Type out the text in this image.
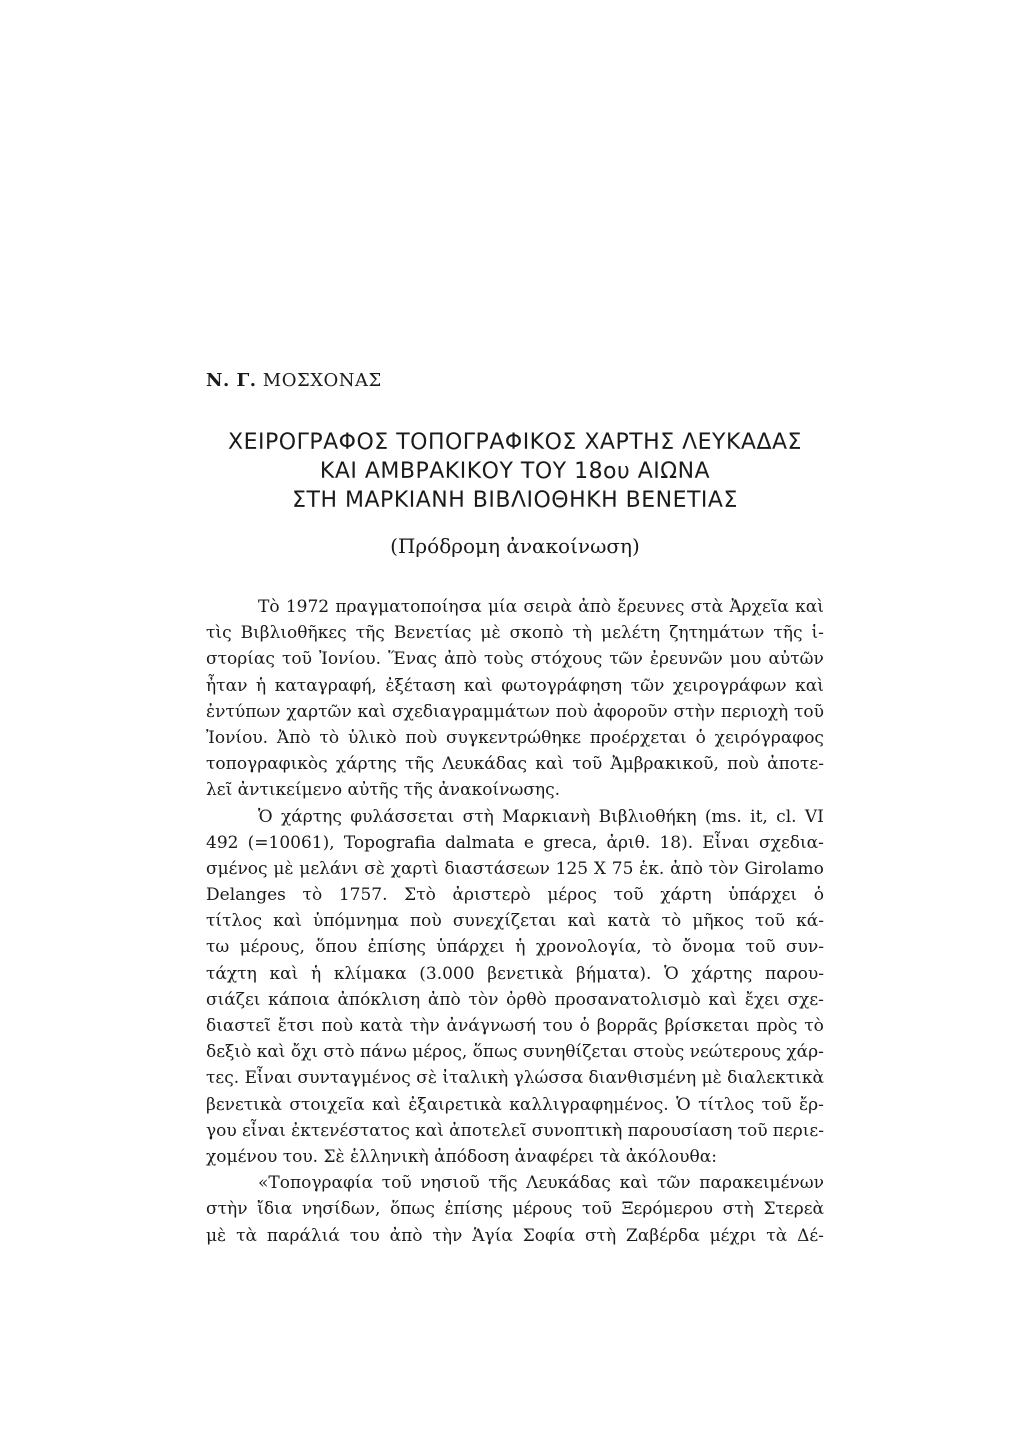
Ν. Γ. ΜΟΣΧΟΝΑΣ
ΧΕΙΡΟΓΡΑΦΟΣ ΤΟΠΟΓΡΑΦΙΚΟΣ ΧΑΡΤΗΣ ΛΕΥΚΑΔΑΣ
ΚΑΙ ΑΜΒΡΑΚΙΚΟΥ ΤΟΥ 18ου ΑΙΩΝΑ
ΣΤΗ ΜΑΡΚΙΑΝΗ ΒΙΒΛΙΟΘΗΚΗ ΒΕΝΕΤΙΑΣ
(Πρόδρομη ἀνακοίνωση)
Τὸ 1972 πραγματοποίησα μία σειρὰ ἀπὸ ἔρευνες στὰ Ἀρχεῖα καὶ
τὶς Βιβλιοθῆκες τῆς Βενετίας μὲ σκοπὸ τὴ μελέτη ζητημάτων τῆς ἱ-
στορίας τοῦ Ἰονίου. Ἕνας ἀπὸ τοὺς στόχους τῶν ἐρευνῶν μου αὐτῶν
ἦταν ἡ καταγραφή, ἐξέταση καὶ φωτογράφηση τῶν χειρογράφων καὶ
ἐντύπων χαρτῶν καὶ σχεδιαγραμμάτων ποὺ ἀφοροῦν στὴν περιοχὴ τοῦ
Ἰονίου. Ἀπὸ τὸ ὑλικὸ ποὺ συγκεντρώθηκε προέρχεται ὁ χειρόγραφος
τοπογραφικὸς χάρτης τῆς Λευκάδας καὶ τοῦ Ἀμβρακικοῦ, ποὺ ἀποτε-
λεῖ ἀντικείμενο αὐτῆς τῆς ἀνακοίνωσης.
Ὁ χάρτης φυλάσσεται στὴ Μαρκιανὴ Βιβλιοθήκη (ms. it, cl. VI
492 (=10061), Topografia dalmata e greca, ἀριθ. 18). Εἶναι σχεδια-
σμένος μὲ μελάνι σὲ χαρτὶ διαστάσεων 125 Χ 75 ἑκ. ἀπὸ τὸν Girolamo
Delanges τὸ 1757. Στὸ ἀριστερὸ μέρος τοῦ χάρτη ὑπάρχει ὁ
τίτλος καὶ ὑπόμνημα ποὺ συνεχίζεται καὶ κατὰ τὸ μῆκος τοῦ κά-
τω μέρους, ὅπου ἐπίσης ὑπάρχει ἡ χρονολογία, τὸ ὄνομα τοῦ συν-
τάχτη καὶ ἡ κλίμακα (3.000 βενετικὰ βήματα). Ὁ χάρτης παρου-
σιάζει κάποια ἀπόκλιση ἀπὸ τὸν ὀρθὸ προσανατολισμὸ καὶ ἔχει σχε-
διαστεῖ ἔτσι ποὺ κατὰ τὴν ἀνάγνωσή του ὁ βορρᾶς βρίσκεται πρὸς τὸ
δεξιὸ καὶ ὄχι στὸ πάνω μέρος, ὅπως συνηθίζεται στοὺς νεώτερους χάρ-
τες. Εἶναι συνταγμένος σὲ ἰταλικὴ γλώσσα διανθισμένη μὲ διαλεκτικὰ
βενετικὰ στοιχεῖα καὶ ἐξαιρετικὰ καλλιγραφημένος. Ὁ τίτλος τοῦ ἔρ-
γου εἶναι ἐκτενέστατος καὶ ἀποτελεῖ συνοπτικὴ παρουσίαση τοῦ περιε-
χομένου του. Σὲ ἑλληνικὴ ἀπόδοση ἀναφέρει τὰ ἀκόλουθα:
«Τοπογραφία τοῦ νησιοῦ τῆς Λευκάδας καὶ τῶν παρακειμένων
στὴν ἴδια νησίδων, ὅπως ἐπίσης μέρους τοῦ Ξερόμερου στὴ Στερεὰ
μὲ τὰ παράλιά του ἀπὸ τὴν Ἁγία Σοφία στὴ Ζαβέρδα μέχρι τὰ Δέ-
